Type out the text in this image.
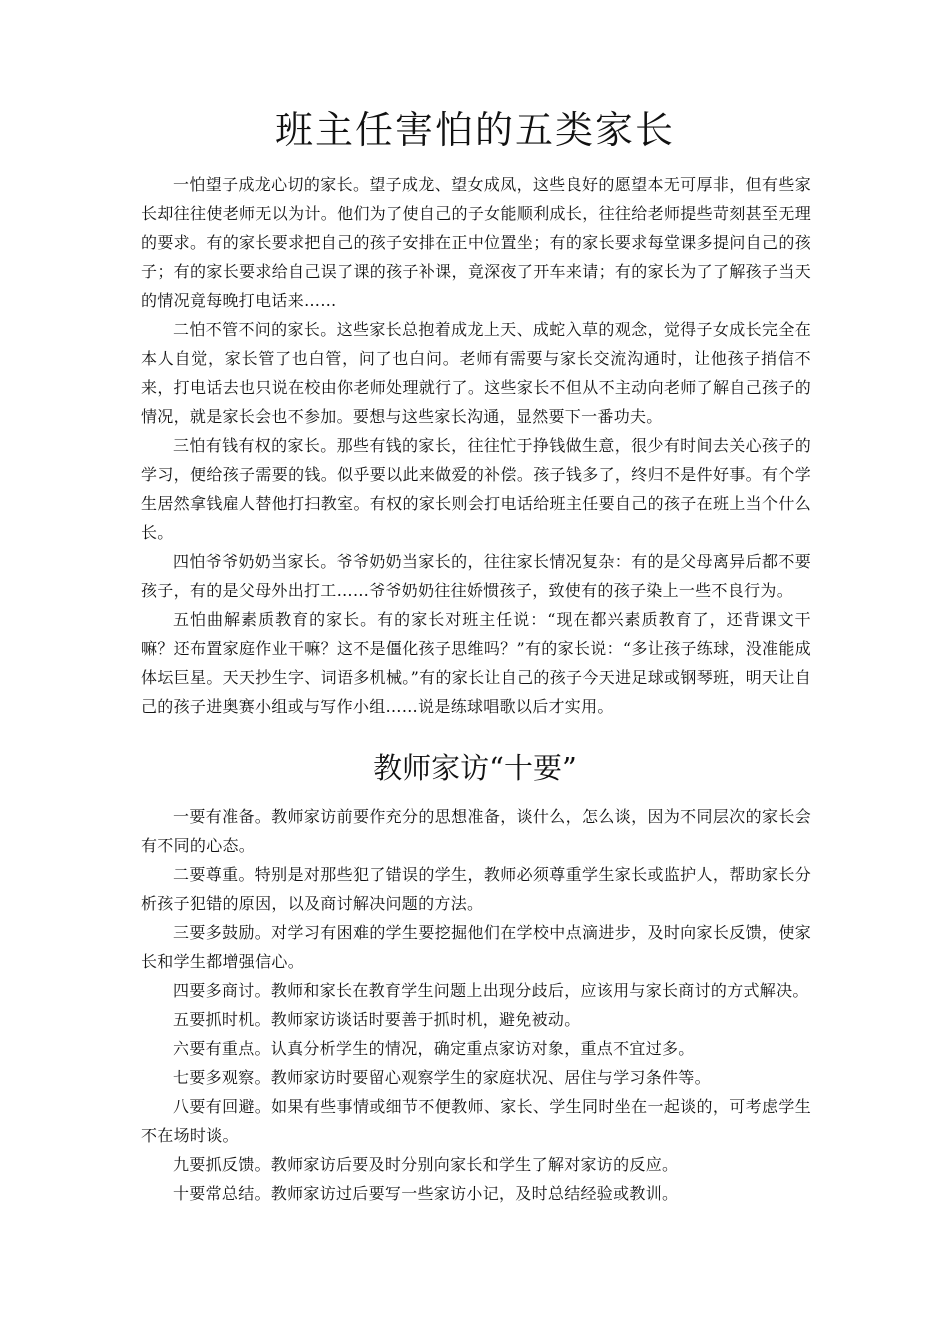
班主任害怕的五类家长

一怕望子成龙心切的家长。望子成龙、望女成凤，这些良好的愿望本无可厚非，但有些家长却往往使老师无以为计。他们为了使自己的子女能顺利成长，往往给老师提些苛刻甚至无理的要求。有的家长要求把自己的孩子安排在正中位置坐；有的家长要求每堂课多提问自己的孩子；有的家长要求给自己误了课的孩子补课，竟深夜了开车来请；有的家长为了了解孩子当天的情况竟每晚打电话来……

二怕不管不问的家长。这些家长总抱着成龙上天、成蛇入草的观念，觉得子女成长完全在本人自觉，家长管了也白管，问了也白问。老师有需要与家长交流沟通时，让他孩子捎信不来，打电话去也只说在校由你老师处理就行了。这些家长不但从不主动向老师了解自己孩子的情况，就是家长会也不参加。要想与这些家长沟通，显然要下一番功夫。

三怕有钱有权的家长。那些有钱的家长，往往忙于挣钱做生意，很少有时间去关心孩子的学习，便给孩子需要的钱。似乎要以此来做爱的补偿。孩子钱多了，终归不是件好事。有个学生居然拿钱雇人替他打扫教室。有权的家长则会打电话给班主任要自己的孩子在班上当个什么长。

四怕爷爷奶奶当家长。爷爷奶奶当家长的，往往家长情况复杂：有的是父母离异后都不要孩子，有的是父母外出打工……爷爷奶奶往往娇惯孩子，致使有的孩子染上一些不良行为。

五怕曲解素质教育的家长。有的家长对班主任说：“现在都兴素质教育了，还背课文干嘛？还布置家庭作业干嘛？这不是僵化孩子思维吗？”有的家长说：“多让孩子练球，没准能成体坛巨星。天天抄生字、词语多机械。”有的家长让自己的孩子今天进足球或钢琴班，明天让自己的孩子进奥赛小组或与写作小组……说是练球唱歌以后才实用。

教师家访“十要”

一要有准备。教师家访前要作充分的思想准备，谈什么，怎么谈，因为不同层次的家长会有不同的心态。

二要尊重。特别是对那些犯了错误的学生，教师必须尊重学生家长或监护人，帮助家长分析孩子犯错的原因，以及商讨解决问题的方法。

三要多鼓励。对学习有困难的学生要挖掘他们在学校中点滴进步，及时向家长反馈，使家长和学生都增强信心。

四要多商讨。教师和家长在教育学生问题上出现分歧后，应该用与家长商讨的方式解决。

五要抓时机。教师家访谈话时要善于抓时机，避免被动。

六要有重点。认真分析学生的情况，确定重点家访对象，重点不宜过多。

七要多观察。教师家访时要留心观察学生的家庭状况、居住与学习条件等。

八要有回避。如果有些事情或细节不便教师、家长、学生同时坐在一起谈的，可考虑学生不在场时谈。

九要抓反馈。教师家访后要及时分别向家长和学生了解对家访的反应。

十要常总结。教师家访过后要写一些家访小记，及时总结经验或教训。
